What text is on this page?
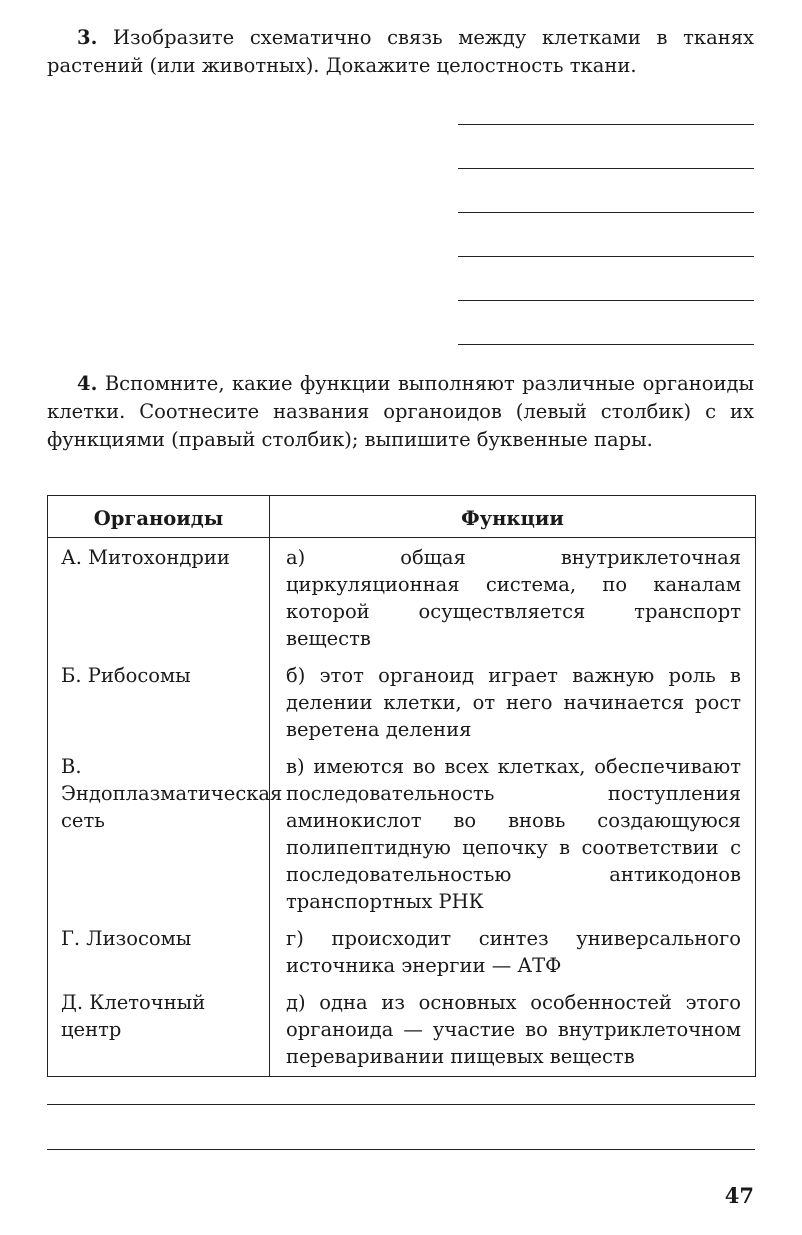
3. Изобразите схематично связь между клетками в тканях растений (или животных). Докажите целостность ткани.

4. Вспомните, какие функции выполняют различные органоиды клетки. Соотнесите названия органоидов (левый столбик) с их функциями (правый столбик); выпишите буквенные пары.

Органоиды	Функции
А. Митохондрии	а) общая внутриклеточная циркуляционная система, по каналам которой осуществляется транспорт веществ
Б. Рибосомы	б) этот органоид играет важную роль в делении клетки, от него начинается рост веретена деления
В. Эндоплазматическая сеть	в) имеются во всех клетках, обеспечивают последовательность поступления аминокислот во вновь создающуюся полипептидную цепочку в соответствии с последовательностью антикодонов транспортных РНК
Г. Лизосомы	г) происходит синтез универсального источника энергии — АТФ
Д. Клеточный центр	д) одна из основных особенностей этого органоида — участие во внутриклеточном переваривании пищевых веществ
47
